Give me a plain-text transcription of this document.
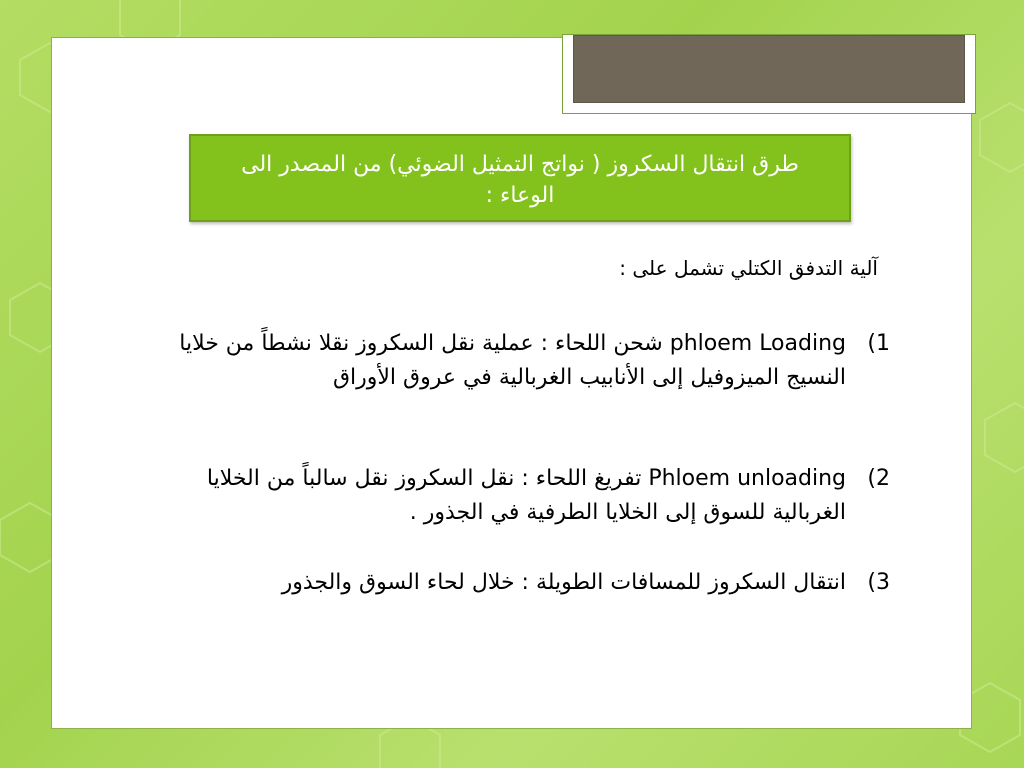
طرق انتقال السكروز ( نواتج التمثيل الضوئي) من المصدر الى الوعاء :
آلية التدفق الكتلي تشمل على :
1)
phloem Loading شحن اللحاء : عملية نقل السكروز نقلا نشطاً من خلايا النسيج الميزوفيل إلى الأنابيب الغربالية في عروق الأوراق
2)
Phloem unloading تفريغ اللحاء : نقل السكروز نقل سالباً من الخلايا الغربالية للسوق إلى الخلايا الطرفية في الجذور .
3)
انتقال السكروز للمسافات الطويلة : خلال لحاء السوق والجذور
